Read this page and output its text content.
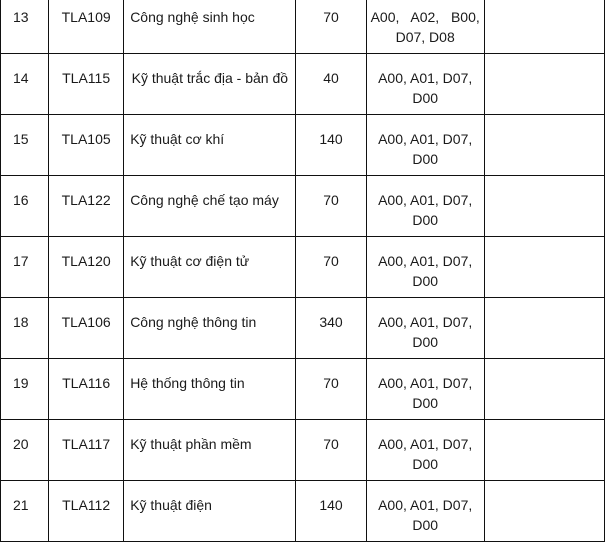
13	TLA109	Công nghệ sinh học	70	A00, A02, B00,
D07, D08	

14	TLA115	Kỹ thuật trắc địa - bản đồ	40	A00, A01, D07,
D00	

15	TLA105	Kỹ thuật cơ khí	140	A00, A01, D07,
D00	

16	TLA122	Công nghệ chế tạo máy	70	A00, A01, D07,
D00	

17	TLA120	Kỹ thuật cơ điện tử	70	A00, A01, D07,
D00	

18	TLA106	Công nghệ thông tin	340	A00, A01, D07,
D00	

19	TLA116	Hệ thống thông tin	70	A00, A01, D07,
D00	

20	TLA117	Kỹ thuật phần mềm	70	A00, A01, D07,
D00	

21	TLA112	Kỹ thuật điện	140	A00, A01, D07,
D00	
